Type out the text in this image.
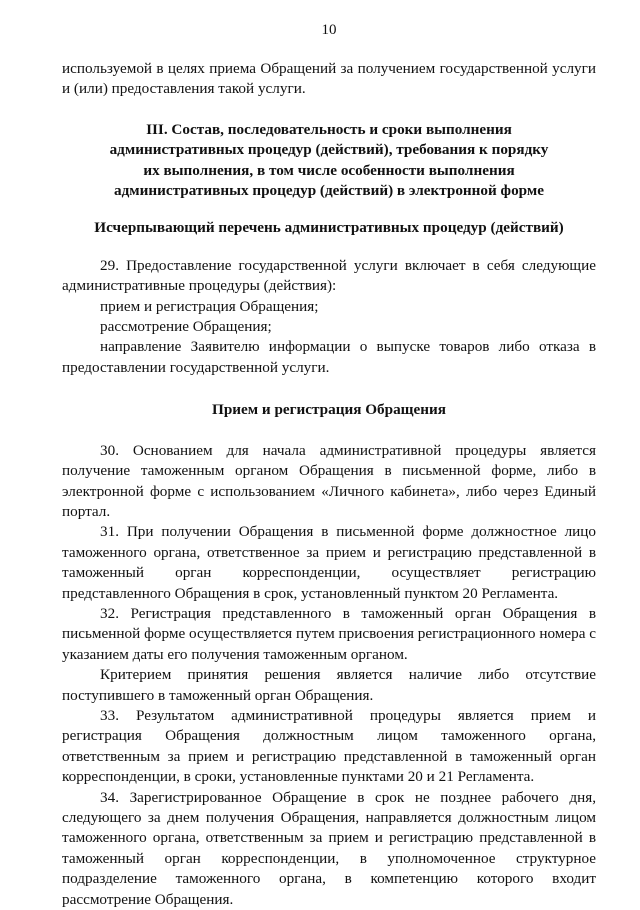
10

используемой в целях приема Обращений за получением государственной услуги и (или) предоставления такой услуги.

III. Состав, последовательность и сроки выполнения административных процедур (действий), требования к порядку их выполнения, в том числе особенности выполнения административных процедур (действий) в электронной форме
Исчерпывающий перечень административных процедур (действий)

29. Предоставление государственной услуги включает в себя следующие административные процедуры (действия):

прием и регистрация Обращения;

рассмотрение Обращения;

направление Заявителю информации о выпуске товаров либо отказа в предоставлении государственной услуги.

Прием и регистрация Обращения

30. Основанием для начала административной процедуры является получение таможенным органом Обращения в письменной форме, либо в электронной форме с использованием «Личного кабинета», либо через Единый портал.

31. При получении Обращения в письменной форме должностное лицо таможенного органа, ответственное за прием и регистрацию представленной в таможенный орган корреспонденции, осуществляет регистрацию представленного Обращения в срок, установленный пунктом 20 Регламента.

32. Регистрация представленного в таможенный орган Обращения в письменной форме осуществляется путем присвоения регистрационного номера с указанием даты его получения таможенным органом.

Критерием принятия решения является наличие либо отсутствие поступившего в таможенный орган Обращения.

33. Результатом административной процедуры является прием и регистрация Обращения должностным лицом таможенного органа, ответственным за прием и регистрацию представленной в таможенный орган корреспонденции, в сроки, установленные пунктами 20 и 21 Регламента.

34. Зарегистрированное Обращение в срок не позднее рабочего дня, следующего за днем получения Обращения, направляется должностным лицом таможенного органа, ответственным за прием и регистрацию представленной в таможенный орган корреспонденции, в уполномоченное структурное подразделение таможенного органа, в компетенцию которого входит рассмотрение Обращения.
